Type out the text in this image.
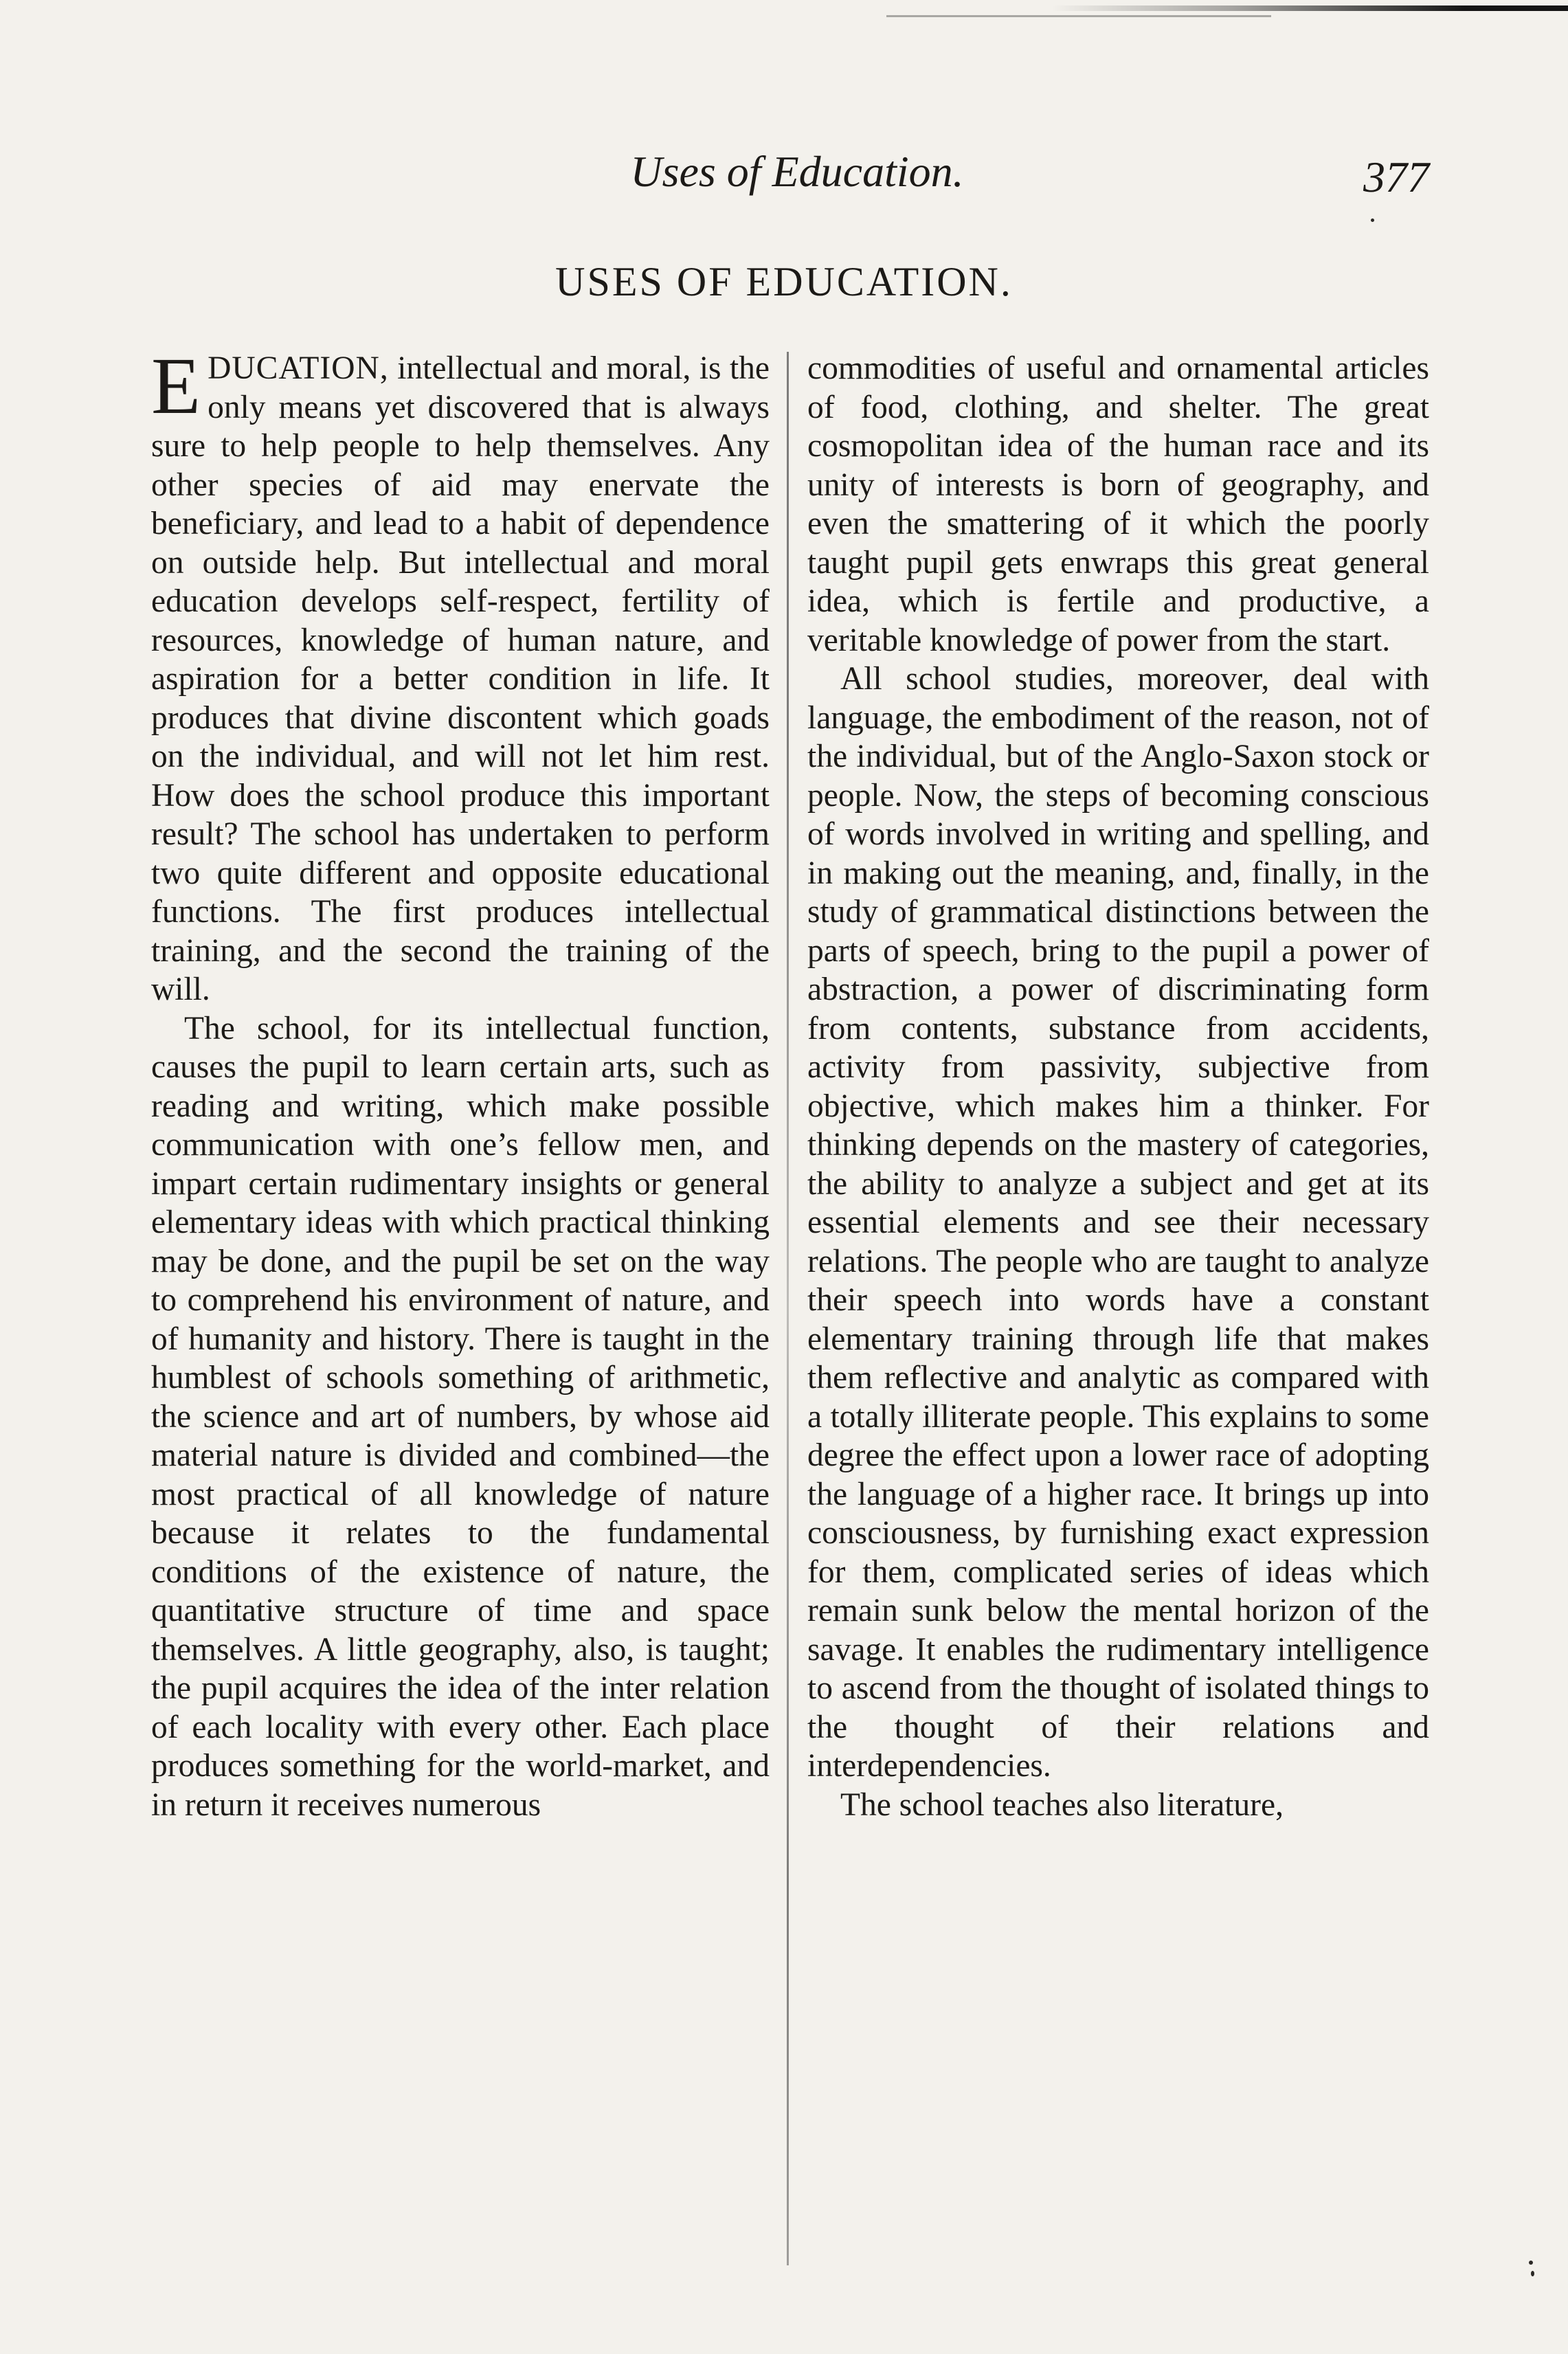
Uses of Education.	377
USES OF EDUCATION.

EDUCATION, intellectual and moral, is the only means yet discovered that is always sure to help people to help themselves. Any other species of aid may enervate the beneficiary, and lead to a habit of dependence on outside help. But intellectual and moral education develops self-respect, fertility of resources, knowledge of human nature, and aspiration for a better condition in life. It produces that divine discontent which goads on the individual, and will not let him rest. How does the school produce this important result? The school has undertaken to perform two quite different and opposite educational functions. The first produces intellectual training, and the second the training of the will.

The school, for its intellectual function, causes the pupil to learn certain arts, such as reading and writing, which make possible communication with one’s fellow men, and impart certain rudimentary insights or general elementary ideas with which practical thinking may be done, and the pupil be set on the way to comprehend his environment of nature, and of humanity and history. There is taught in the humblest of schools something of arithmetic, the science and art of numbers, by whose aid material nature is divided and combined—the most practical of all knowledge of nature because it relates to the fundamental conditions of the existence of nature, the quantitative structure of time and space themselves. A little geography, also, is taught; the pupil acquires the idea of the inter relation of each locality with every other. Each place produces something for the world-market, and in return it receives numerous

commodities of useful and ornamental articles of food, clothing, and shelter. The great cosmopolitan idea of the human race and its unity of interests is born of geography, and even the smattering of it which the poorly taught pupil gets enwraps this great general idea, which is fertile and productive, a veritable knowledge of power from the start.

All school studies, moreover, deal with language, the embodiment of the reason, not of the individual, but of the Anglo-Saxon stock or people. Now, the steps of becoming conscious of words involved in writing and spelling, and in making out the meaning, and, finally, in the study of grammatical distinctions between the parts of speech, bring to the pupil a power of abstraction, a power of discriminating form from contents, substance from accidents, activity from passivity, subjective from objective, which makes him a thinker. For thinking depends on the mastery of categories, the ability to analyze a subject and get at its essential elements and see their necessary relations. The people who are taught to analyze their speech into words have a constant elementary training through life that makes them reflective and analytic as compared with a totally illiterate people. This explains to some degree the effect upon a lower race of adopting the language of a higher race. It brings up into consciousness, by furnishing exact expression for them, complicated series of ideas which remain sunk below the mental horizon of the savage. It enables the rudimentary intelligence to ascend from the thought of isolated things to the thought of their relations and interdependencies.

The school teaches also literature,
